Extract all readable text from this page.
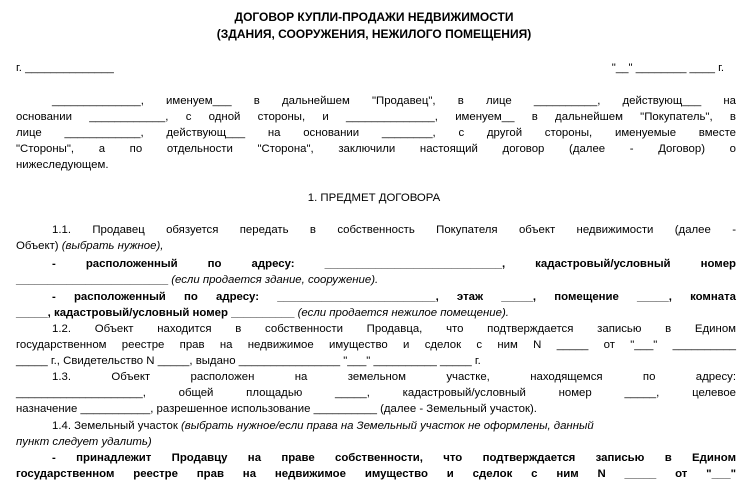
ДОГОВОР КУПЛИ-ПРОДАЖИ НЕДВИЖИМОСТИ
(ЗДАНИЯ, СООРУЖЕНИЯ, НЕЖИЛОГО ПОМЕЩЕНИЯ)
г. ______________	"__" ________ ____ г.
______________, именуем___ в дальнейшем "Продавец", в лице __________, действующ___ на
основании ____________, с одной стороны, и ______________, именуем__ в дальнейшем "Покупатель", в
лице ____________, действующ___ на основании ________, с другой стороны, именуемые вместе
"Стороны", а по отдельности "Сторона", заключили настоящий договор (далее - Договор) о
нижеследующем.
1. ПРЕДМЕТ ДОГОВОРА
1.1. Продавец обязуется передать в собственность Покупателя объект недвижимости (далее -
Объект) (выбрать нужное),
- расположенный по адресу: ____________________________, кадастровый/условный номер
________________________ (если продается здание, сооружение).
- расположенный по адресу: _________________________, этаж _____, помещение _____, комната
_____, кадастровый/условный номер __________ (если продается нежилое помещение).
1.2. Объект находится в собственности Продавца, что подтверждается записью в Едином
государственном реестре прав на недвижимое имущество и сделок с ним N _____ от "___" __________
_____ г., Свидетельство N _____, выдано ________________ "___" __________ _____ г.
1.3. Объект расположен на земельном участке, находящемся по адресу:
____________________, общей площадью _____, кадастровый/условный номер _____, целевое
назначение ___________, разрешенное использование __________ (далее - Земельный участок).
1.4. Земельный участок (выбрать нужное/если права на Земельный участок не оформлены, данный
пункт следует удалить)
- принадлежит Продавцу на праве собственности, что подтверждается записью в Едином
государственном реестре прав на недвижимое имущество и сделок с ним N _____ от "___"
